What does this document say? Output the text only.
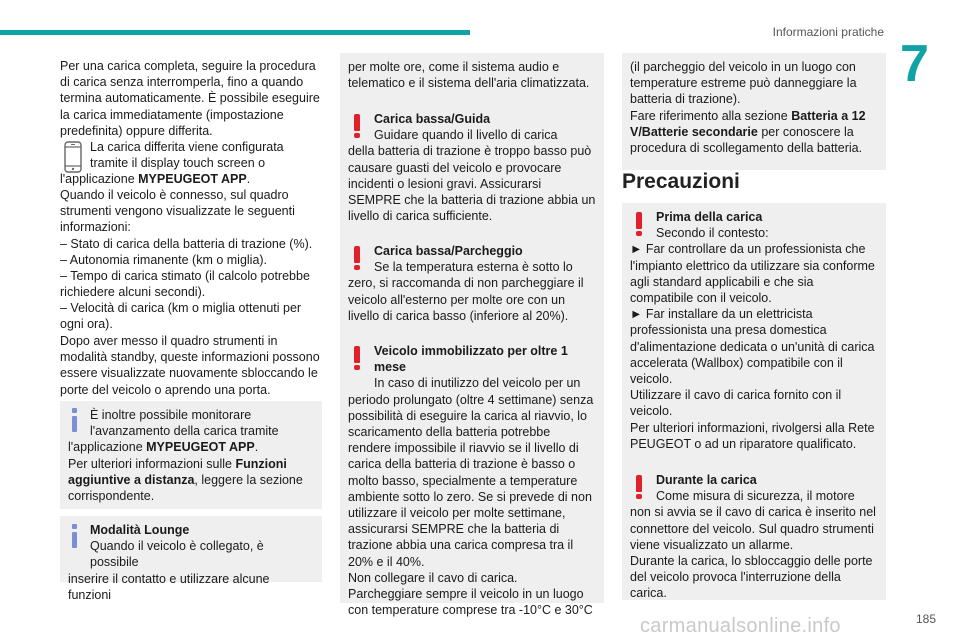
Informazioni pratiche
7

Per una carica completa, seguire la procedura di carica senza interromperla, fino a quando termina automaticamente. È possibile eseguire la carica immediatamente (impostazione predefinita) oppure differita.

La carica differita viene configurata

tramite il display touch screen o

l'applicazione MYPEUGEOT APP.

Quando il veicolo è connesso, sul quadro strumenti vengono visualizzate le seguenti informazioni:

– Stato di carica della batteria di trazione (%).

– Autonomia rimanente (km o miglia).

– Tempo di carica stimato (il calcolo potrebbe richiedere alcuni secondi).

– Velocità di carica (km o miglia ottenuti per ogni ora).

Dopo aver messo il quadro strumenti in modalità standby, queste informazioni possono essere visualizzate nuovamente sbloccando le porte del veicolo o aprendo una porta.

È inoltre possibile monitorare

l'avanzamento della carica tramite

l'applicazione MYPEUGEOT APP.

Per ulteriori informazioni sulle Funzioni aggiuntive a distanza, leggere la sezione corrispondente.

Modalità Lounge

Quando il veicolo è collegato, è possibile

inserire il contatto e utilizzare alcune funzioni

per molte ore, come il sistema audio e telematico e il sistema dell'aria climatizzata.

Carica bassa/Guida

Guidare quando il livello di carica

della batteria di trazione è troppo basso può causare guasti del veicolo e provocare incidenti o lesioni gravi. Assicurarsi SEMPRE che la batteria di trazione abbia un livello di carica sufficiente.

Carica bassa/Parcheggio

Se la temperatura esterna è sotto lo

zero, si raccomanda di non parcheggiare il veicolo all'esterno per molte ore con un livello di carica basso (inferiore al 20%).

Veicolo immobilizzato per oltre 1 mese

In caso di inutilizzo del veicolo per un

periodo prolungato (oltre 4 settimane) senza possibilità di eseguire la carica al riavvio, lo scaricamento della batteria potrebbe rendere impossibile il riavvio se il livello di carica della batteria di trazione è basso o molto basso, specialmente a temperature ambiente sotto lo zero. Se si prevede di non utilizzare il veicolo per molte settimane, assicurarsi SEMPRE che la batteria di trazione abbia una carica compresa tra il 20% e il 40%.

Non collegare il cavo di carica.

Parcheggiare sempre il veicolo in un luogo con temperature comprese tra -10°C e 30°C

(il parcheggio del veicolo in un luogo con temperature estreme può danneggiare la batteria di trazione).

Fare riferimento alla sezione Batteria a 12 V/Batterie secondarie per conoscere la procedura di scollegamento della batteria.

Precauzioni

Prima della carica

Secondo il contesto:

► Far controllare da un professionista che l'impianto elettrico da utilizzare sia conforme agli standard applicabili e che sia compatibile con il veicolo.

► Far installare da un elettricista professionista una presa domestica d'alimentazione dedicata o un'unità di carica accelerata (Wallbox) compatibile con il veicolo.

Utilizzare il cavo di carica fornito con il veicolo.

Per ulteriori informazioni, rivolgersi alla Rete PEUGEOT o ad un riparatore qualificato.

Durante la carica

Come misura di sicurezza, il motore

non si avvia se il cavo di carica è inserito nel connettore del veicolo. Sul quadro strumenti viene visualizzato un allarme.

Durante la carica, lo sbloccaggio delle porte del veicolo provoca l'interruzione della carica.

carmanualsonline.info	185
